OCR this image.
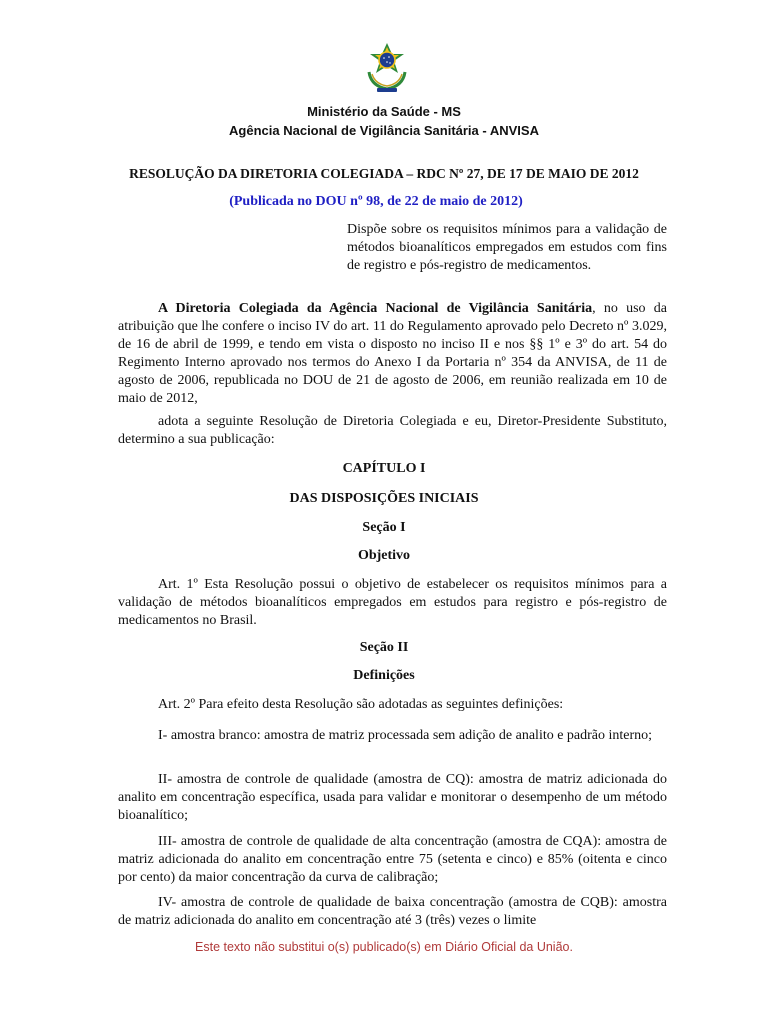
Ministério da Saúde - MS
Agência Nacional de Vigilância Sanitária - ANVISA
RESOLUÇÃO DA DIRETORIA COLEGIADA – RDC Nº 27, DE 17 DE MAIO DE 2012
(Publicada no DOU nº 98, de 22 de maio de 2012)
Dispõe sobre os requisitos mínimos para a validação de métodos bioanalíticos empregados em estudos com fins de registro e pós-registro de medicamentos.

A Diretoria Colegiada da Agência Nacional de Vigilância Sanitária, no uso da atribuição que lhe confere o inciso IV do art. 11 do Regulamento aprovado pelo Decreto nº 3.029, de 16 de abril de 1999, e tendo em vista o disposto no inciso II e nos §§ 1º e 3º do art. 54 do Regimento Interno aprovado nos termos do Anexo I da Portaria nº 354 da ANVISA, de 11 de agosto de 2006, republicada no DOU de 21 de agosto de 2006, em reunião realizada em 10 de maio de 2012,

adota a seguinte Resolução de Diretoria Colegiada e eu, Diretor-Presidente Substituto, determino a sua publicação:

CAPÍTULO I
DAS DISPOSIÇÕES INICIAIS
Seção I
Objetivo

Art. 1º Esta Resolução possui o objetivo de estabelecer os requisitos mínimos para a validação de métodos bioanalíticos empregados em estudos para registro e pós-registro de medicamentos no Brasil.

Seção II
Definições

Art. 2º Para efeito desta Resolução são adotadas as seguintes definições:

I- amostra branco: amostra de matriz processada sem adição de analito e padrão interno;

II- amostra de controle de qualidade (amostra de CQ): amostra de matriz adicionada do analito em concentração específica, usada para validar e monitorar o desempenho de um método bioanalítico;

III- amostra de controle de qualidade de alta concentração (amostra de CQA): amostra de matriz adicionada do analito em concentração entre 75 (setenta e cinco) e 85% (oitenta e cinco por cento) da maior concentração da curva de calibração;

IV- amostra de controle de qualidade de baixa concentração (amostra de CQB): amostra de matriz adicionada do analito em concentração até 3 (três) vezes o limite

Este texto não substitui o(s) publicado(s) em Diário Oficial da União.
